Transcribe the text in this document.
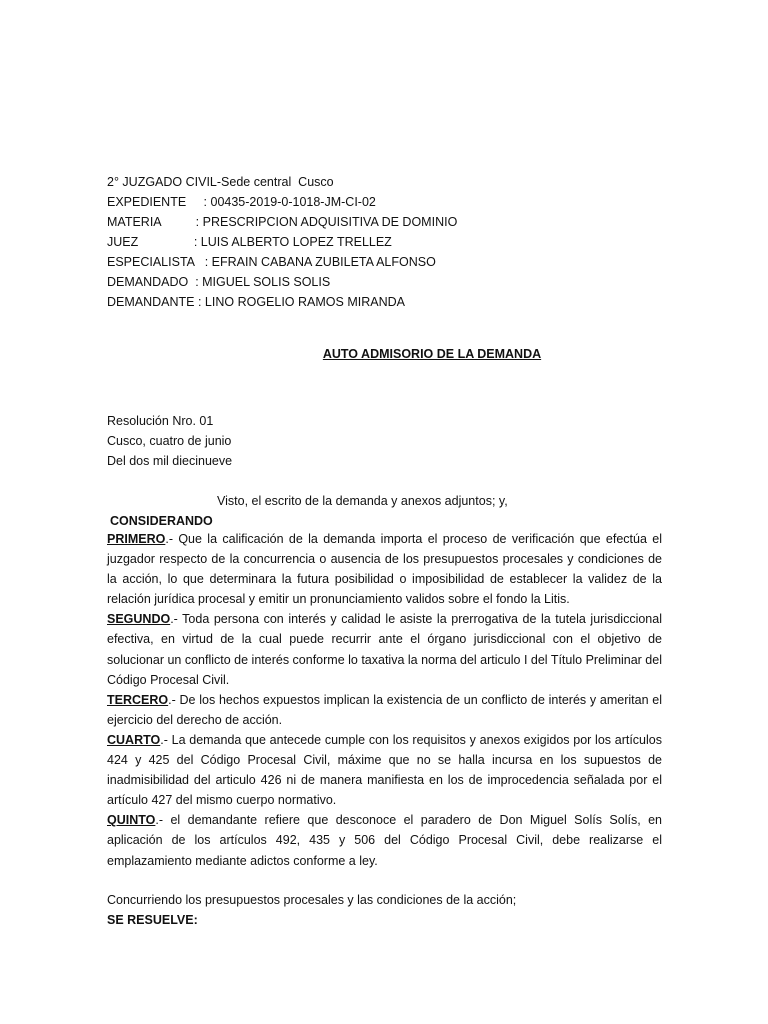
2° JUZGADO CIVIL-Sede central  Cusco
EXPEDIENTE     : 00435-2019-0-1018-JM-CI-02
MATERIA          : PRESCRIPCION ADQUISITIVA DE DOMINIO
JUEZ                : LUIS ALBERTO LOPEZ TRELLEZ
ESPECIALISTA   : EFRAIN CABANA ZUBILETA ALFONSO
DEMANDADO  : MIGUEL SOLIS SOLIS
DEMANDANTE : LINO ROGELIO RAMOS MIRANDA
AUTO ADMISORIO DE LA DEMANDA
Resolución Nro. 01
Cusco, cuatro de junio
Del dos mil diecinueve
Visto, el escrito de la demanda y anexos adjuntos; y,
CONSIDERANDO

PRIMERO.- Que la calificación de la demanda importa el proceso de verificación que efectúa el juzgador respecto de la concurrencia o ausencia de los presupuestos procesales y condiciones de la acción, lo que determinara la futura posibilidad o imposibilidad de establecer la validez de la relación jurídica procesal y emitir un pronunciamiento validos sobre el fondo la Litis.

SEGUNDO.- Toda persona con interés y calidad le asiste la prerrogativa de la tutela jurisdiccional efectiva, en virtud de la cual puede recurrir ante el órgano jurisdiccional con el objetivo de solucionar un conflicto de interés conforme lo taxativa la norma del articulo I del Título Preliminar del Código Procesal Civil.

TERCERO.- De los hechos expuestos implican la existencia de un conflicto de interés y ameritan el ejercicio del derecho de acción.

CUARTO.- La demanda que antecede cumple con los requisitos y anexos exigidos por los artículos 424 y 425 del Código Procesal Civil, máxime que no se halla incursa en los supuestos de inadmisibilidad del articulo 426 ni de manera manifiesta en los de improcedencia señalada por el artículo 427 del mismo cuerpo normativo.

QUINTO.- el demandante refiere que desconoce el paradero de Don Miguel Solís Solís, en aplicación de los artículos 492, 435 y 506 del Código Procesal Civil, debe realizarse el emplazamiento mediante adictos conforme a ley.

Concurriendo los presupuestos procesales y las condiciones de la acción;
SE RESUELVE:
